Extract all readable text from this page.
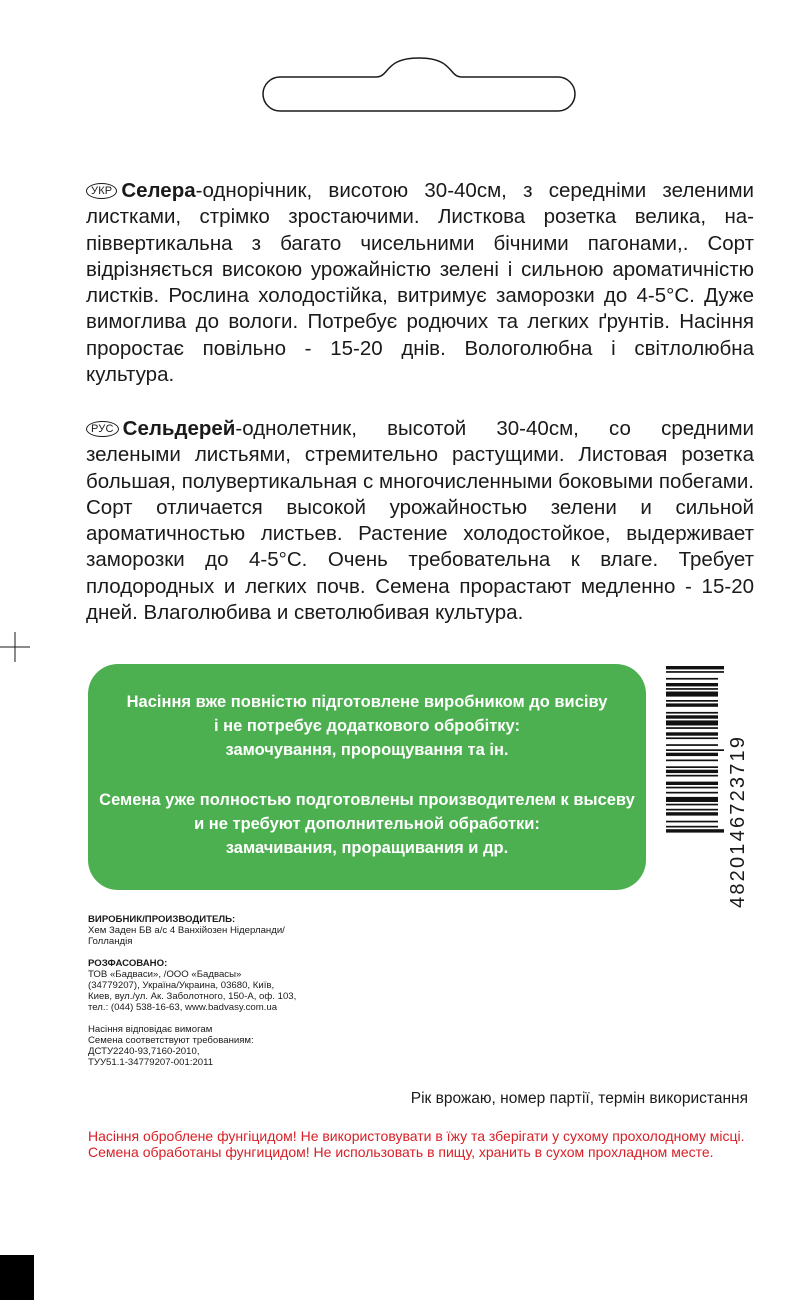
УКР Селера-однорічник, висотою 30-40см, з середніми зеленими листками, стрімко зростаючими. Листкова розетка велика, напіввертикальна з багато чисельними бічними пагонами,. Сорт відрізняється високою урожайністю зелені і сильною ароматичністю листків. Рослина холодостійка, витримує заморозки до 4-5°С. Дуже вимоглива до вологи. Потребує родючих та легких ґрунтів. Насіння проростає повільно - 15-20 днів. Вологолюбна і світлолюбна культура.
РУС Сельдерей-однолетник, высотой 30-40см, со средними зелеными листьями, стремительно растущими. Листовая розетка большая, полувертикальная с многочисленными боковыми побегами. Сорт отличается высокой урожайностью зелени и сильной ароматичностью листьев. Растение холодостойкое, выдерживает заморозки до 4-5°С. Очень требовательна к влаге. Требует плодородных и легких почв. Семена прорастают медленно - 15-20 дней. Влаголюбива и светолюбивая культура.

Насіння вже повністю підготовлене виробником до висіву
і не потребує додаткового обробітку:
замочування, пророщування та ін.

Семена уже полностью подготовлены производителем к высеву
и не требуют дополнительной обработки:
замачивания, проращивания и др.	4820146723719
ВИРОБНИК/ПРОИЗВОДИТЕЛЬ:
Хем Заден БВ а/с 4 Ванхійозен Нідерланди/
Голландія
РОЗФАСОВАНО:
ТОВ «Бадваси», /ООО «Бадвасы»
(34779207), Україна/Украина, 03680, Київ,
Киев, вул./ул. Ак. Заболотного, 150-А, оф. 103,
тел.: (044) 538-16-63, www.badvasy.com.ua
Насіння відповідає вимогам
Семена соответствуют требованиям:
ДСТУ2240-93,7160-2010,
ТУУ51.1-34779207-001:2011
Рік врожаю, номер партії, термін використання
Насіння оброблене фунгіцидом! Не використовувати в їжу та зберігати у сухому прохолодному місці.
Семена обработаны фунгицидом! Не использовать в пищу, хранить в сухом прохладном месте.
